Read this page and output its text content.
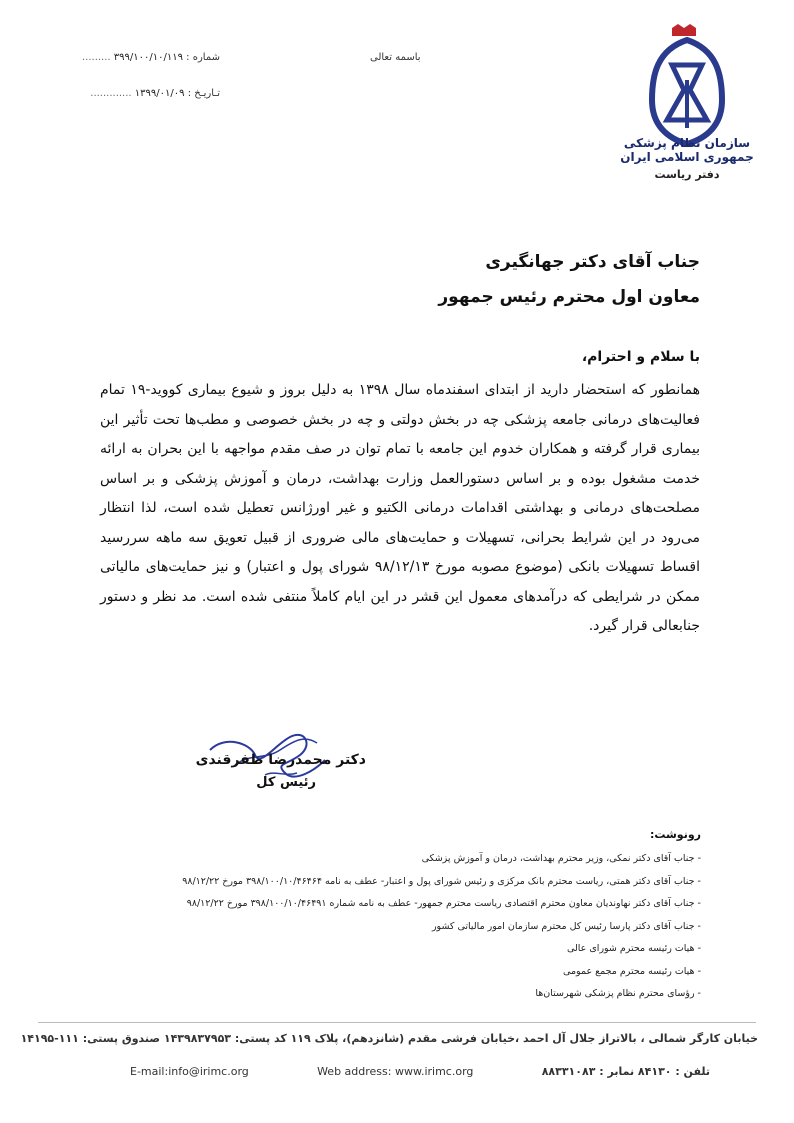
سازمان نظام پزشکی جمهوری اسلامی ایران
دفتر ریاست
باسمه تعالی
شماره : ۳۹۹/۱۰۰/۱۰/۱۱۹ .........
تـاریـخ : ۱۳۹۹/۰۱/۰۹ .............
جناب آقای دکتر جهانگیری
معاون اول محترم رئیس جمهور
با سلام و احترام،
همانطور که استحضار دارید از ابتدای اسفندماه سال ۱۳۹۸ به دلیل بروز و شیوع بیماری کووید-۱۹ تمام فعالیت‌های درمانی جامعه پزشکی چه در بخش دولتی و چه در بخش خصوصی و مطب‌ها تحت تأثیر این بیماری قرار گرفته و همکاران خدوم این جامعه با تمام توان در صف مقدم مواجهه با این بحران به ارائه خدمت مشغول بوده و بر اساس دستورالعمل وزارت بهداشت، درمان و آموزش پزشکی و بر اساس مصلحت‌های درمانی و بهداشتی اقدامات درمانی الکتیو و غیر اورژانس تعطیل شده است، لذا انتظار می‌رود در این شرایط بحرانی، تسهیلات و حمایت‌های مالی ضروری از قبیل تعویق سه ماهه سررسید اقساط تسهیلات بانکی (موضوع مصوبه مورخ ۹۸/۱۲/۱۳ شورای پول و اعتبار) و نیز حمایت‌های مالیاتی ممکن در شرایطی که درآمدهای معمول این قشر در این ایام کاملاً منتفی شده است. مد نظر و دستور جنابعالی قرار گیرد.
دکتر محمدرضا ظفرقندی
رئیس کل
رونوشت:
- جناب آقای دکتر نمکی، وزیر محترم بهداشت، درمان و آموزش پزشکی
- جناب آقای دکتر همتی، ریاست محترم بانک مرکزی و رئیس شورای پول و اعتبار- عطف به نامه ۳۹۸/۱۰۰/۱۰/۴۶۴۶۴ مورخ ۹۸/۱۲/۲۲
- جناب آقای دکتر نهاوندیان معاون محترم اقتصادی ریاست محترم جمهور- عطف به نامه شماره ۳۹۸/۱۰۰/۱۰/۴۶۴۹۱ مورخ ۹۸/۱۲/۲۲
- جناب آقای دکتر پارسا رئیس کل محترم سازمان امور مالیاتی کشور
- هیات رئیسه محترم شورای عالی
- هیات رئیسه محترم مجمع عمومی
- رؤسای محترم نظام پزشکی شهرستان‌ها
خیابان کارگر شمالی ، بالاتراز جلال آل احمد ،خیابان فرشی مقدم (شانزدهم)، پلاک ۱۱۹ کد پستی: ۱۴۳۹۸۳۷۹۵۳ صندوق پستی: ۱۱۱-۱۴۱۹۵
E-mail:info@irimc.org	Web address: www.irimc.org	تلفن : ۸۴۱۳۰ نمابر : ۸۸۳۳۱۰۸۳
